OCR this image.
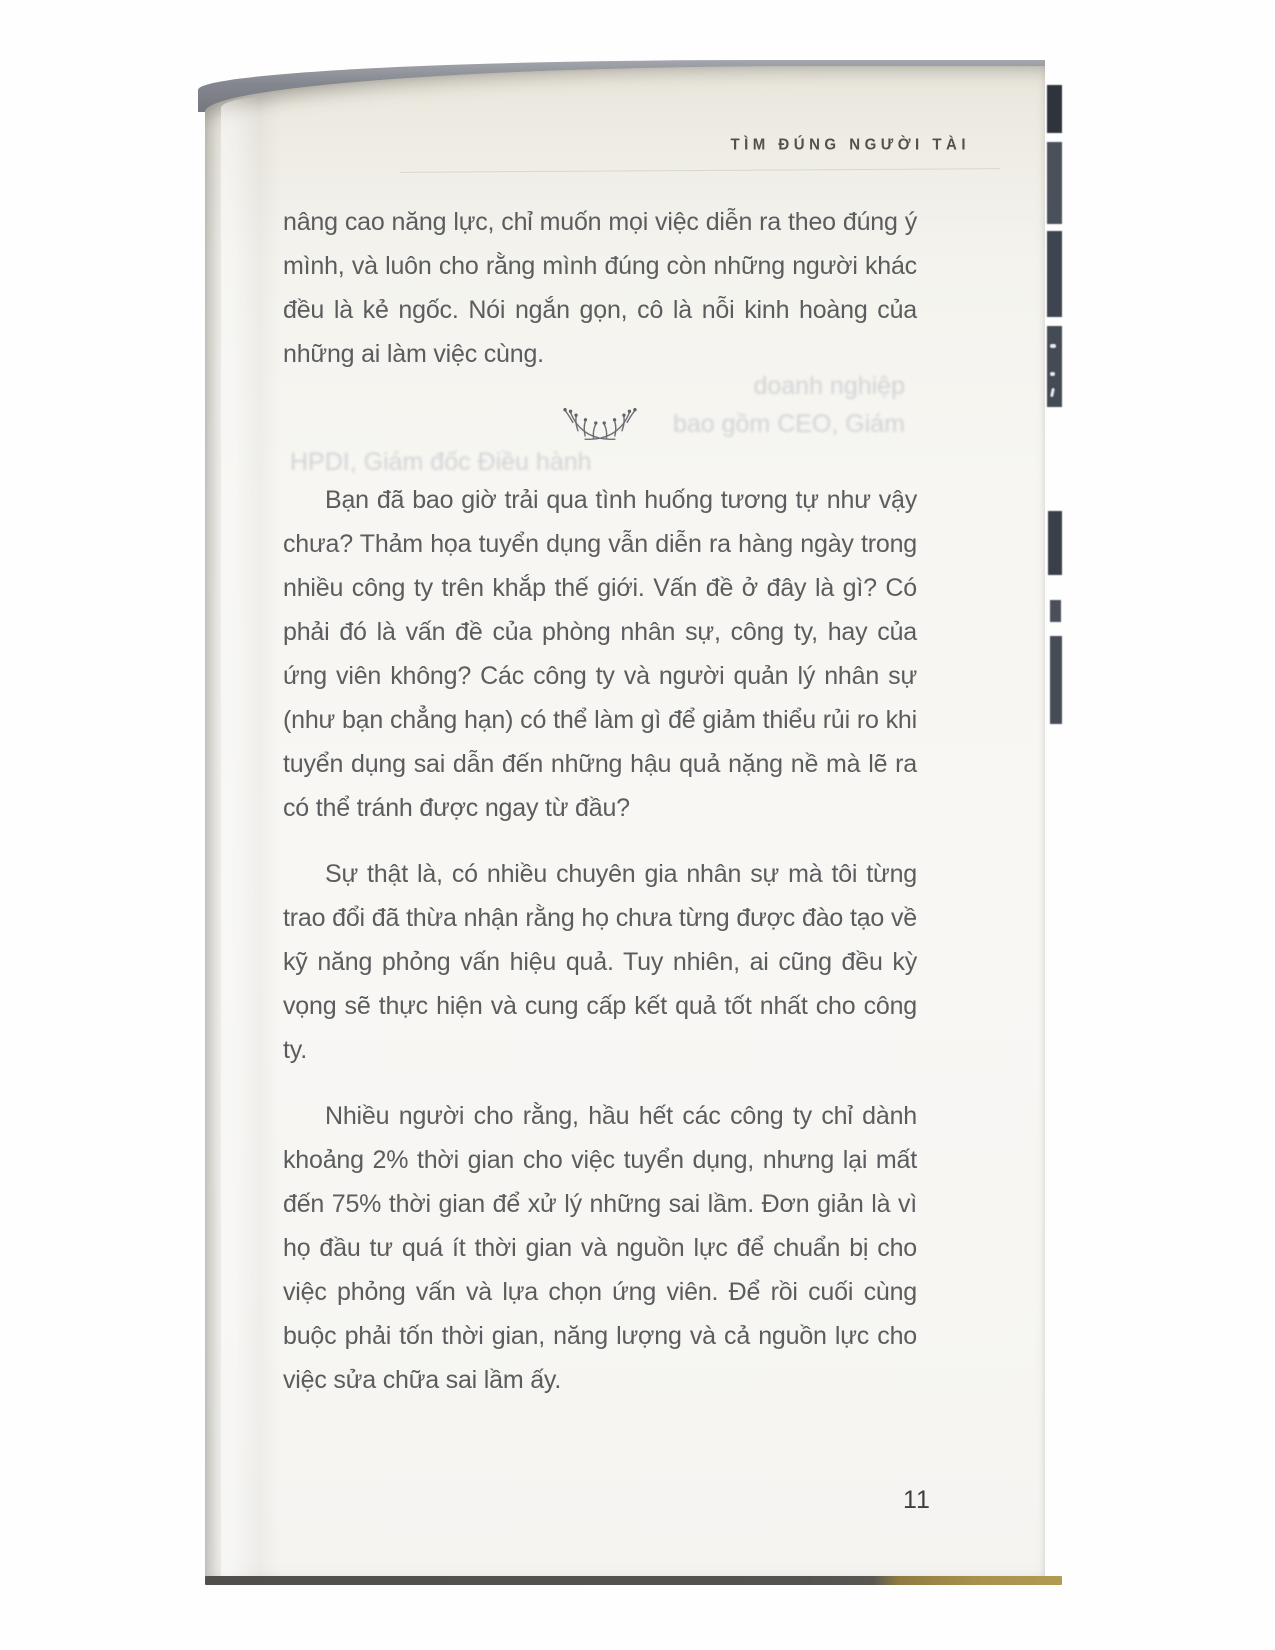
TÌM ĐÚNG NGƯỜI TÀI
doanh nghiệp
bao gồm CEO, Giám
HPDI, Giám đốc Điều hành

nâng cao năng lực, chỉ muốn mọi việc diễn ra theo đúng ý mình, và luôn cho rằng mình đúng còn những người khác đều là kẻ ngốc. Nói ngắn gọn, cô là nỗi kinh hoàng của những ai làm việc cùng.

Bạn đã bao giờ trải qua tình huống tương tự như vậy chưa? Thảm họa tuyển dụng vẫn diễn ra hàng ngày trong nhiều công ty trên khắp thế giới. Vấn đề ở đây là gì? Có phải đó là vấn đề của phòng nhân sự, công ty, hay của ứng viên không? Các công ty và người quản lý nhân sự (như bạn chẳng hạn) có thể làm gì để giảm thiểu rủi ro khi tuyển dụng sai dẫn đến những hậu quả nặng nề mà lẽ ra có thể tránh được ngay từ đầu?

Sự thật là, có nhiều chuyên gia nhân sự mà tôi từng trao đổi đã thừa nhận rằng họ chưa từng được đào tạo về kỹ năng phỏng vấn hiệu quả. Tuy nhiên, ai cũng đều kỳ vọng sẽ thực hiện và cung cấp kết quả tốt nhất cho công ty.

Nhiều người cho rằng, hầu hết các công ty chỉ dành khoảng 2% thời gian cho việc tuyển dụng, nhưng lại mất đến 75% thời gian để xử lý những sai lầm. Đơn giản là vì họ đầu tư quá ít thời gian và nguồn lực để chuẩn bị cho việc phỏng vấn và lựa chọn ứng viên. Để rồi cuối cùng buộc phải tốn thời gian, năng lượng và cả nguồn lực cho việc sửa chữa sai lầm ấy.

11
